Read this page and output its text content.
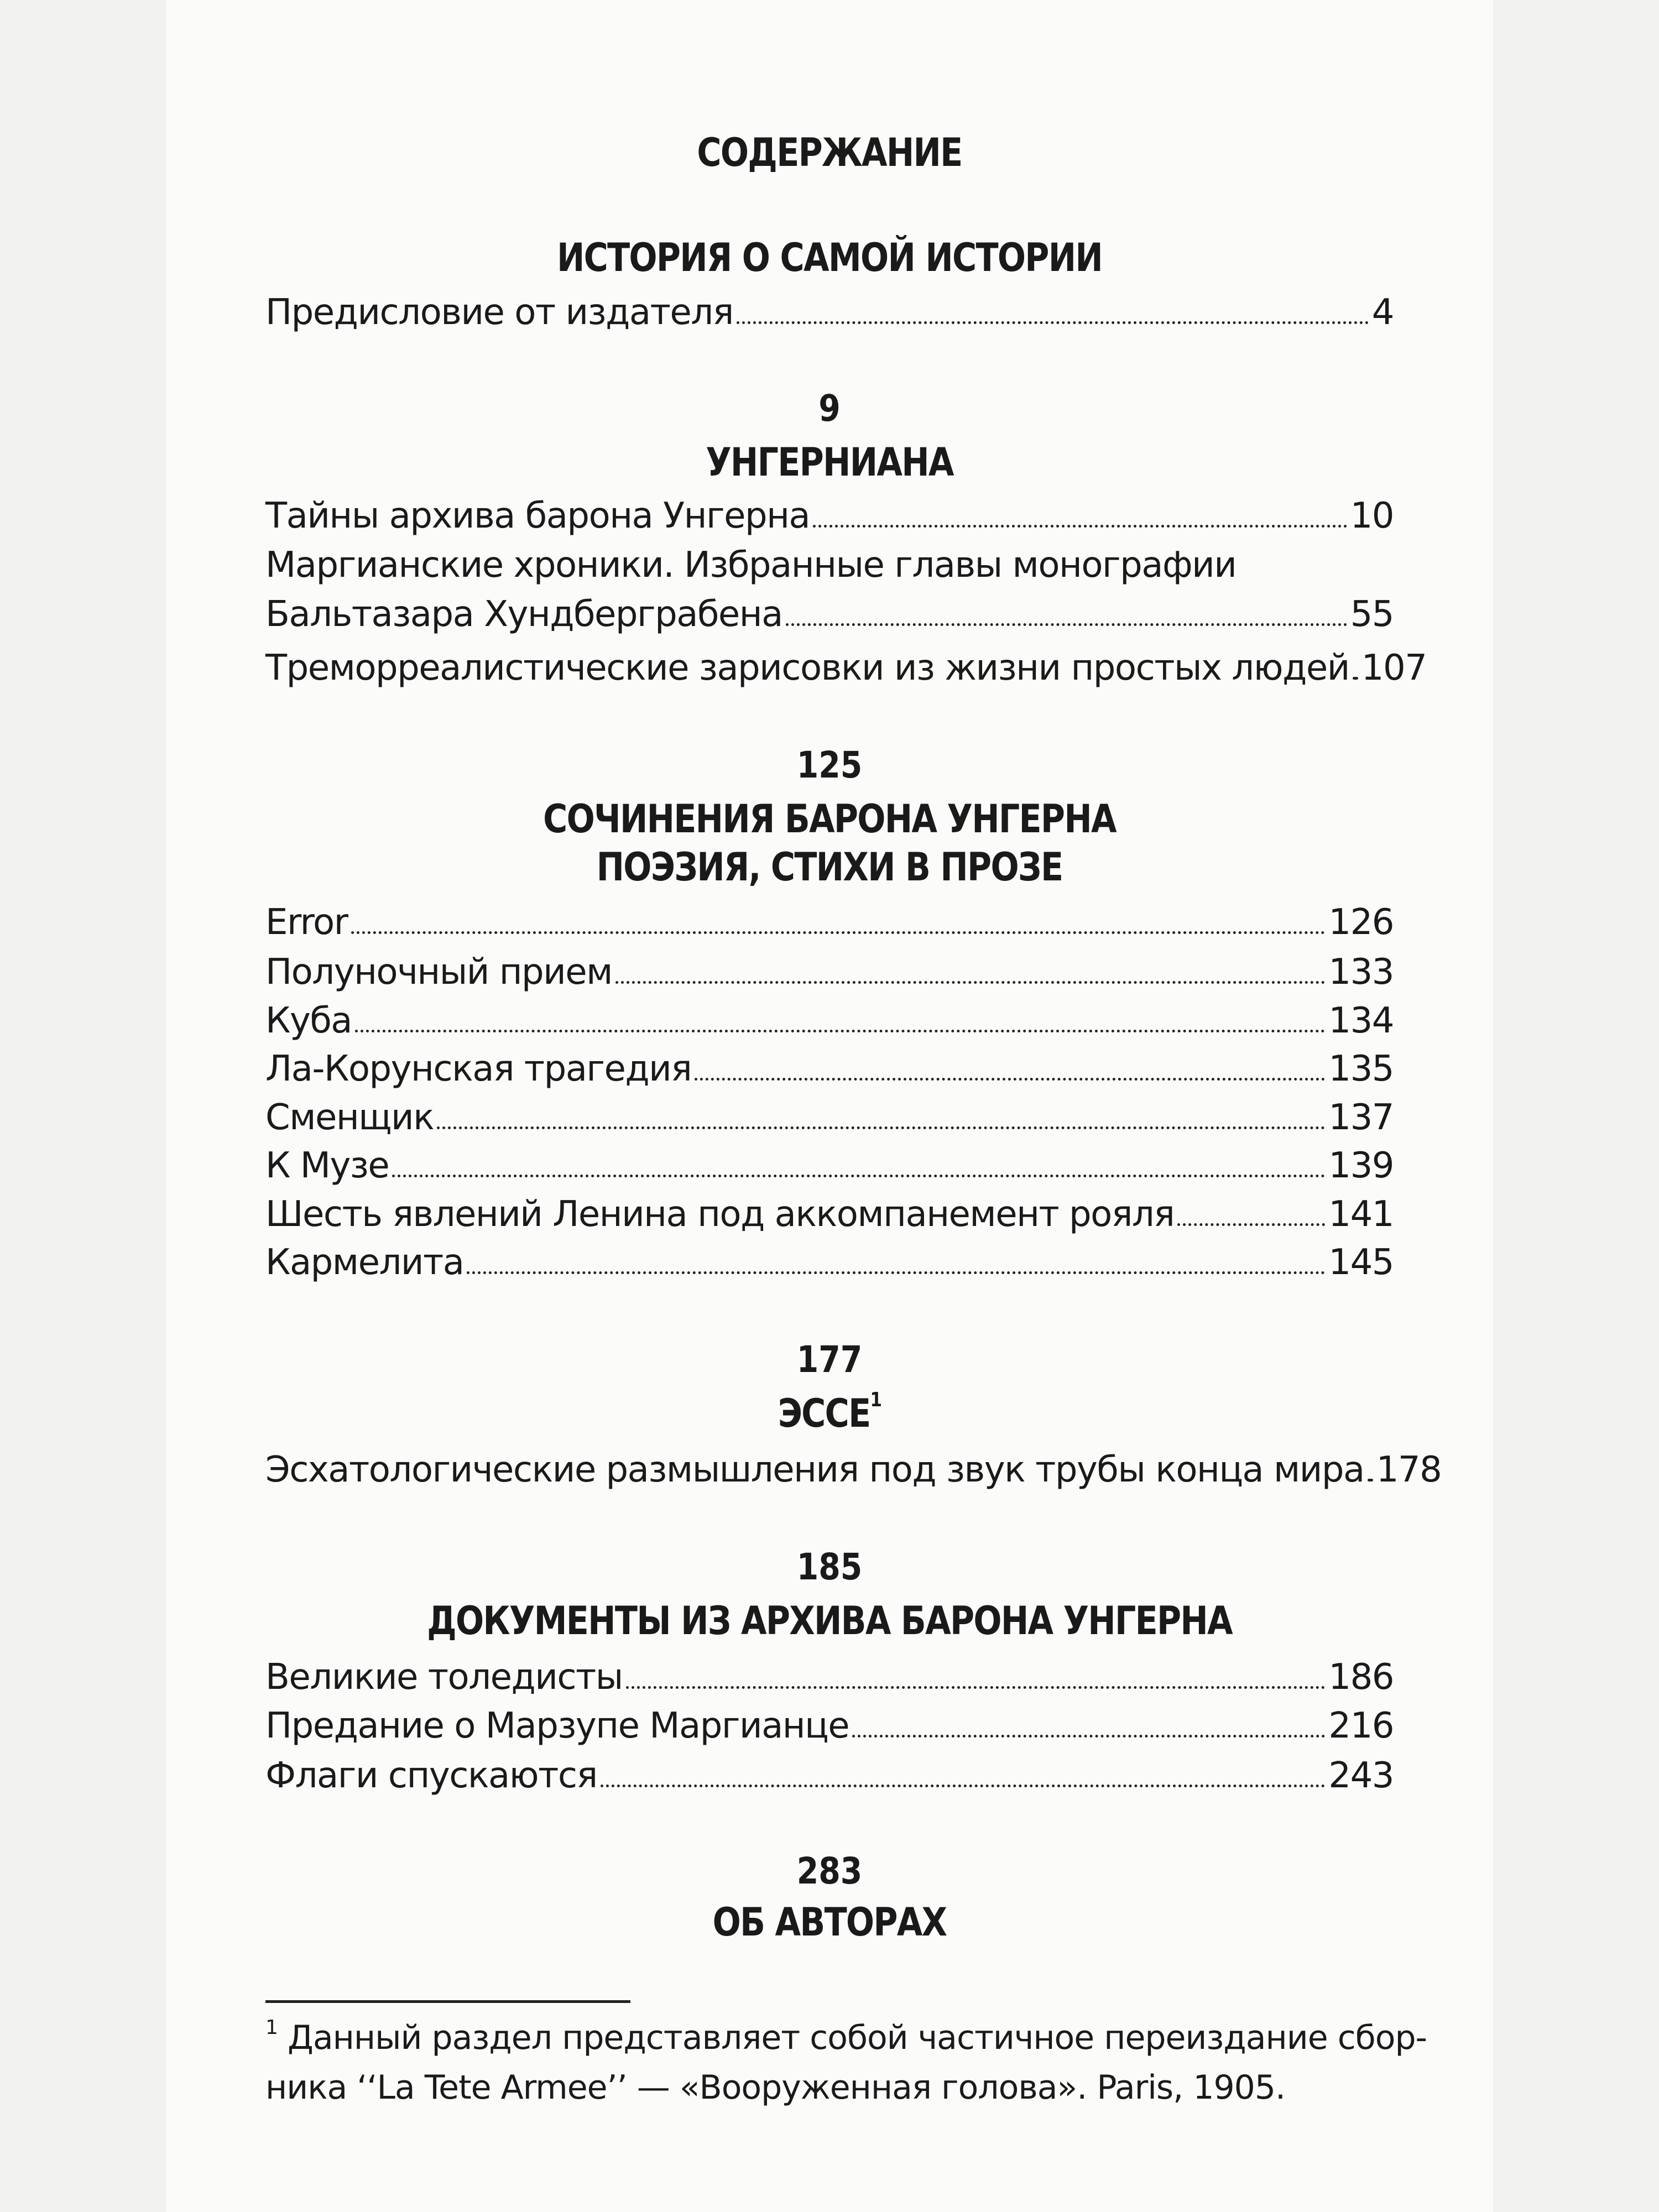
СОДЕРЖАНИЕ
ИСТОРИЯ О САМОЙ ИСТОРИИ
Предисловие от издателя	4
9
УНГЕРНИАНА
Тайны архива барона Унгерна	10
Маргианские хроники. Избранные главы монографии
Бальтазара Хундберграбена	55
Треморреалистические зарисовки из жизни простых людей 107
125
СОЧИНЕНИЯ БАРОНА УНГЕРНА
ПОЭЗИЯ, СТИХИ В ПРОЗЕ
Error	126
Полуночный прием	133
Куба	134
Ла-Корунская трагедия	135
Сменщик	137
К Музе	139
Шесть явлений Ленина под аккомпанемент рояля	141
Кармелита	145
177
ЭССЕ$^1$
Эсхатологические размышления под звук трубы конца мира 178
185
ДОКУМЕНТЫ ИЗ АРХИВА БАРОНА УНГЕРНА
Великие толедисты	186
Предание о Марзупе Маргианце	216
Флаги спускаются	243
283
ОБ АВТОРАХ
$^1$ Данный раздел представляет собой частичное переиздание сбор-
ника ‘‘La Tete Armee’’ — «Вооруженная голова». Paris, 1905.
